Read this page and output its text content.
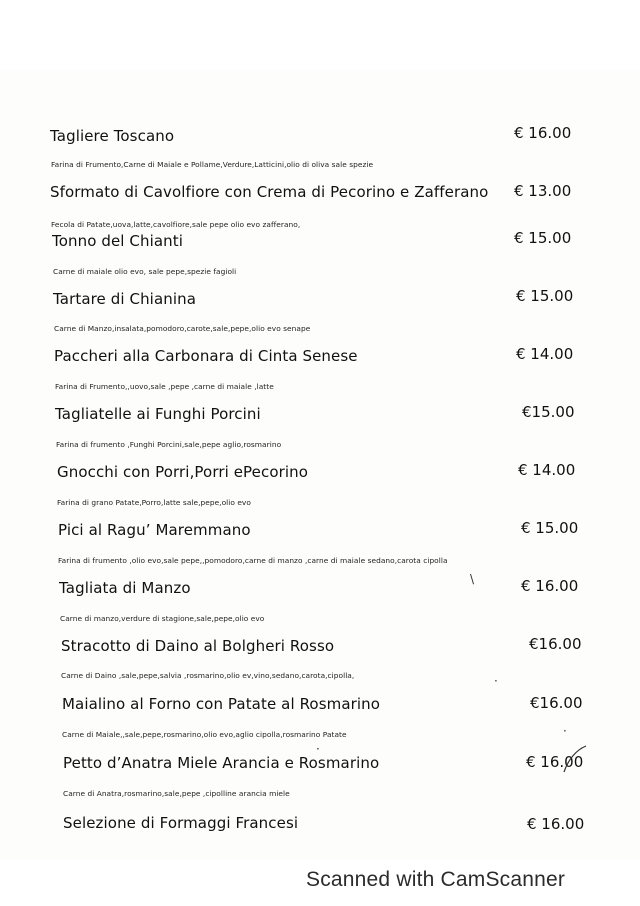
Tagliere Toscano	€ 16.00
Farina di Frumento,Carne di Maiale e Pollame,Verdure,Latticini,olio di oliva sale spezie
Sformato di Cavolfiore con Crema di Pecorino e Zafferano € 13.00
Fecola di Patate,uova,latte,cavolfiore,sale pepe olio evo zafferano,
Tonno del Chianti	€ 15.00
Carne di maiale olio evo, sale pepe,spezie fagioli
Tartare di Chianina	€ 15.00
Carne di Manzo,insalata,pomodoro,carote,sale,pepe,olio evo senape
Paccheri alla Carbonara di Cinta Senese	€ 14.00
Farina di Frumento,,uovo,sale ,pepe ,carne di maiale ,latte
Tagliatelle ai Funghi Porcini	€15.00
Farina di frumento ,Funghi Porcini,sale,pepe aglio,rosmarino
Gnocchi con Porri,Porri ePecorino	€ 14.00
Farina di grano Patate,Porro,latte sale,pepe,olio evo
Pici al Ragu’ Maremmano	€ 15.00
Farina di frumento ,olio evo,sale pepe,,pomodoro,carne di manzo ,carne di maiale sedano,carota cipolla
Tagliata di Manzo	€ 16.00
Carne di manzo,verdure di stagione,sale,pepe,olio evo
\
Stracotto di Daino al Bolgheri Rosso	€16.00
Carne di Daino ,sale,pepe,salvia ,rosmarino,olio ev,vino,sedano,carota,cipolla,	·
Maialino al Forno con Patate al Rosmarino	€16.00
Carne di Maiale,,sale,pepe,rosmarino,olio evo,aglio cipolla,rosmarino Patate	·
Petto d’Anatra Miele Arancia e Rosmarino	€ 16.00
Carne di Anatra,rosmarino,sale,pepe ,cipolline arancia miele
·
Selezione di Formaggi Francesi	€ 16.00
Scanned with CamScanner
